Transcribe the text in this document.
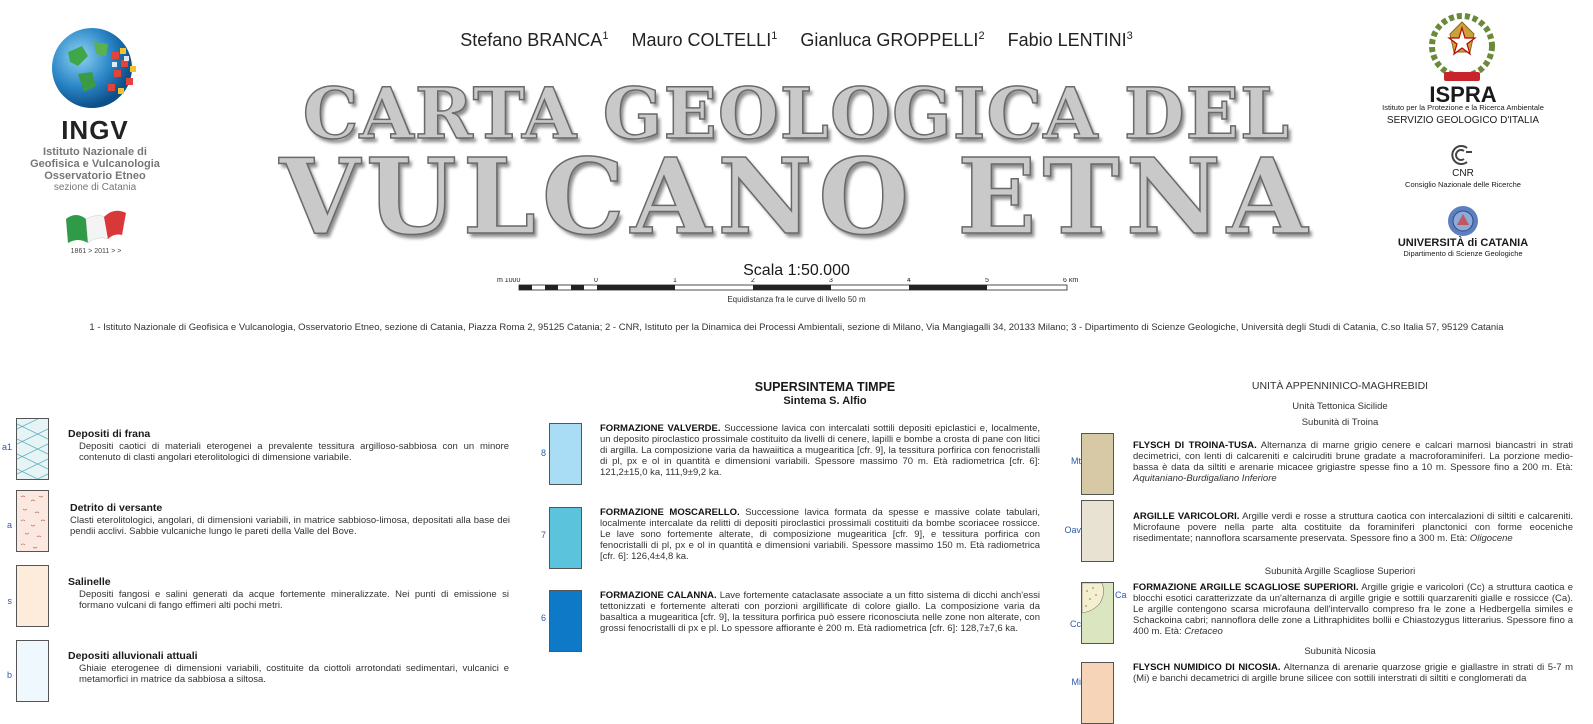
Stefano BRANCA$^1$ Mauro COLTELLI$^1$ Gianluca GROPPELLI$^2$ Fabio LENTINI$^3$
CARTA GEOLOGICA DEL
VULCANO ETNA
Scala 1:50.000
m 1000	0	1	2	3	4	5	6 km
Equidistanza fra le curve di livello 50 m
1 - Istituto Nazionale di Geofisica e Vulcanologia, Osservatorio Etneo, sezione di Catania, Piazza Roma 2, 95125 Catania; 2 - CNR, Istituto per la Dinamica dei Processi Ambientali, sezione di Milano, Via Mangiagalli 34, 20133 Milano; 3 - Dipartimento di Scienze Geologiche, Università degli Studi di Catania, C.so Italia 57, 95129 Catania
INGV
Istituto Nazionale di
Geofisica e Vulcanologia
Osservatorio Etneo
sezione di Catania
1861 > 2011 > >
ISPRA
Istituto per la Protezione e la Ricerca Ambientale
SERVIZIO GEOLOGICO D'ITALIA
CNR
Consiglio Nazionale delle Ricerche
UNIVERSITÀ di CATANIA
Dipartimento di Scienze Geologiche
a1
Depositi di frana
Depositi caotici di materiali eterogenei a prevalente tessitura argilloso-sabbiosa con un minore contenuto di clasti angolari eterolitologici di dimensione variabile.
a
Detrito di versante
Clasti eterolitologici, angolari, di dimensioni variabili, in matrice sabbioso-limosa, depositati alla base dei pendii acclivi. Sabbie vulcaniche lungo le pareti della Valle del Bove.
s
Salinelle
Depositi fangosi e salini generati da acque fortemente mineralizzate. Nei punti di emissione si formano vulcani di fango effimeri alti pochi metri.
b
Depositi alluvionali attuali
Ghiaie eterogenee di dimensioni variabili, costituite da ciottoli arrotondati sedimentari, vulcanici e metamorfici in matrice da sabbiosa a siltosa.
SUPERSINTEMA TIMPE
Sintema S. Alfio
8
FORMAZIONE VALVERDE. Successione lavica con intercalati sottili depositi epiclastici e, localmente, un deposito piroclastico prossimale costituito da livelli di cenere, lapilli e bombe a crosta di pane con litici di argilla. La composizione varia da hawaiitica a mugearitica [cfr. 9], la tessitura porfirica con fenocristalli di pl, px e ol in quantità e dimensioni variabili. Spessore massimo 70 m. Età radiometrica [cfr. 6]: 121,2±15,0 ka, 111,9±9,2 ka.
7
FORMAZIONE MOSCARELLO. Successione lavica formata da spesse e massive colate tabulari, localmente intercalate da relitti di depositi piroclastici prossimali costituiti da bombe scoriacee rossicce. Le lave sono fortemente alterate, di composizione mugearitica [cfr. 9], e tessitura porfirica con fenocristalli di pl, px e ol in quantità e dimensioni variabili. Spessore massimo 150 m. Età radiometrica [cfr. 6]: 126,4±4,8 ka.
6
FORMAZIONE CALANNA. Lave fortemente cataclasate associate a un fitto sistema di dicchi anch'essi tettonizzati e fortemente alterati con porzioni argillificate di colore giallo. La composizione varia da basaltica a mugearitica [cfr. 9], la tessitura porfirica può essere riconosciuta nelle zone non alterate, con grossi fenocristalli di px e pl. Lo spessore affiorante è 200 m. Età radiometrica [cfr. 6]: 128,7±7,6 ka.
UNITÀ APPENNINICO-MAGHREBIDI
Unità Tettonica Sicilide
Subunità di Troina
Mt
FLYSCH DI TROINA-TUSA. Alternanza di marne grigio cenere e calcari marnosi biancastri in strati decimetrici, con lenti di calcareniti e calciruditi brune gradate a macroforaminiferi. La porzione medio-bassa è data da siltiti e arenarie micacee grigiastre spesse fino a 10 m. Spessore fino a 200 m. Età: Aquitaniano-Burdigaliano Inferiore
Oav
ARGILLE VARICOLORI. Argille verdi e rosse a struttura caotica con intercalazioni di siltiti e calcareniti. Microfaune povere nella parte alta costituite da foraminiferi planctonici con forme eoceniche risedimentate; nannoflora scarsamente preservata. Spessore fino a 300 m. Età: Oligocene
Subunità Argille Scagliose Superiori
Cc
Ca
FORMAZIONE ARGILLE SCAGLIOSE SUPERIORI. Argille grigie e varicolori (Cc) a struttura caotica e blocchi esotici caratterizzate da un'alternanza di argille grigie e sottili quarzareniti gialle e rossicce (Ca). Le argille contengono scarsa microfauna dell'intervallo compreso fra le zone a Hedbergella similes e Schackoina cabri; nannoflora delle zone a Lithraphidites bollii e Chiastozygus litterarius. Spessore fino a 400 m. Età: Cretaceo
Subunità Nicosia
Mi
FLYSCH NUMIDICO DI NICOSIA. Alternanza di arenarie quarzose grigie e giallastre in strati di 5-7 m (Mi) e banchi decametrici di argille brune silicee con sottili interstrati di siltiti e conglomerati da
